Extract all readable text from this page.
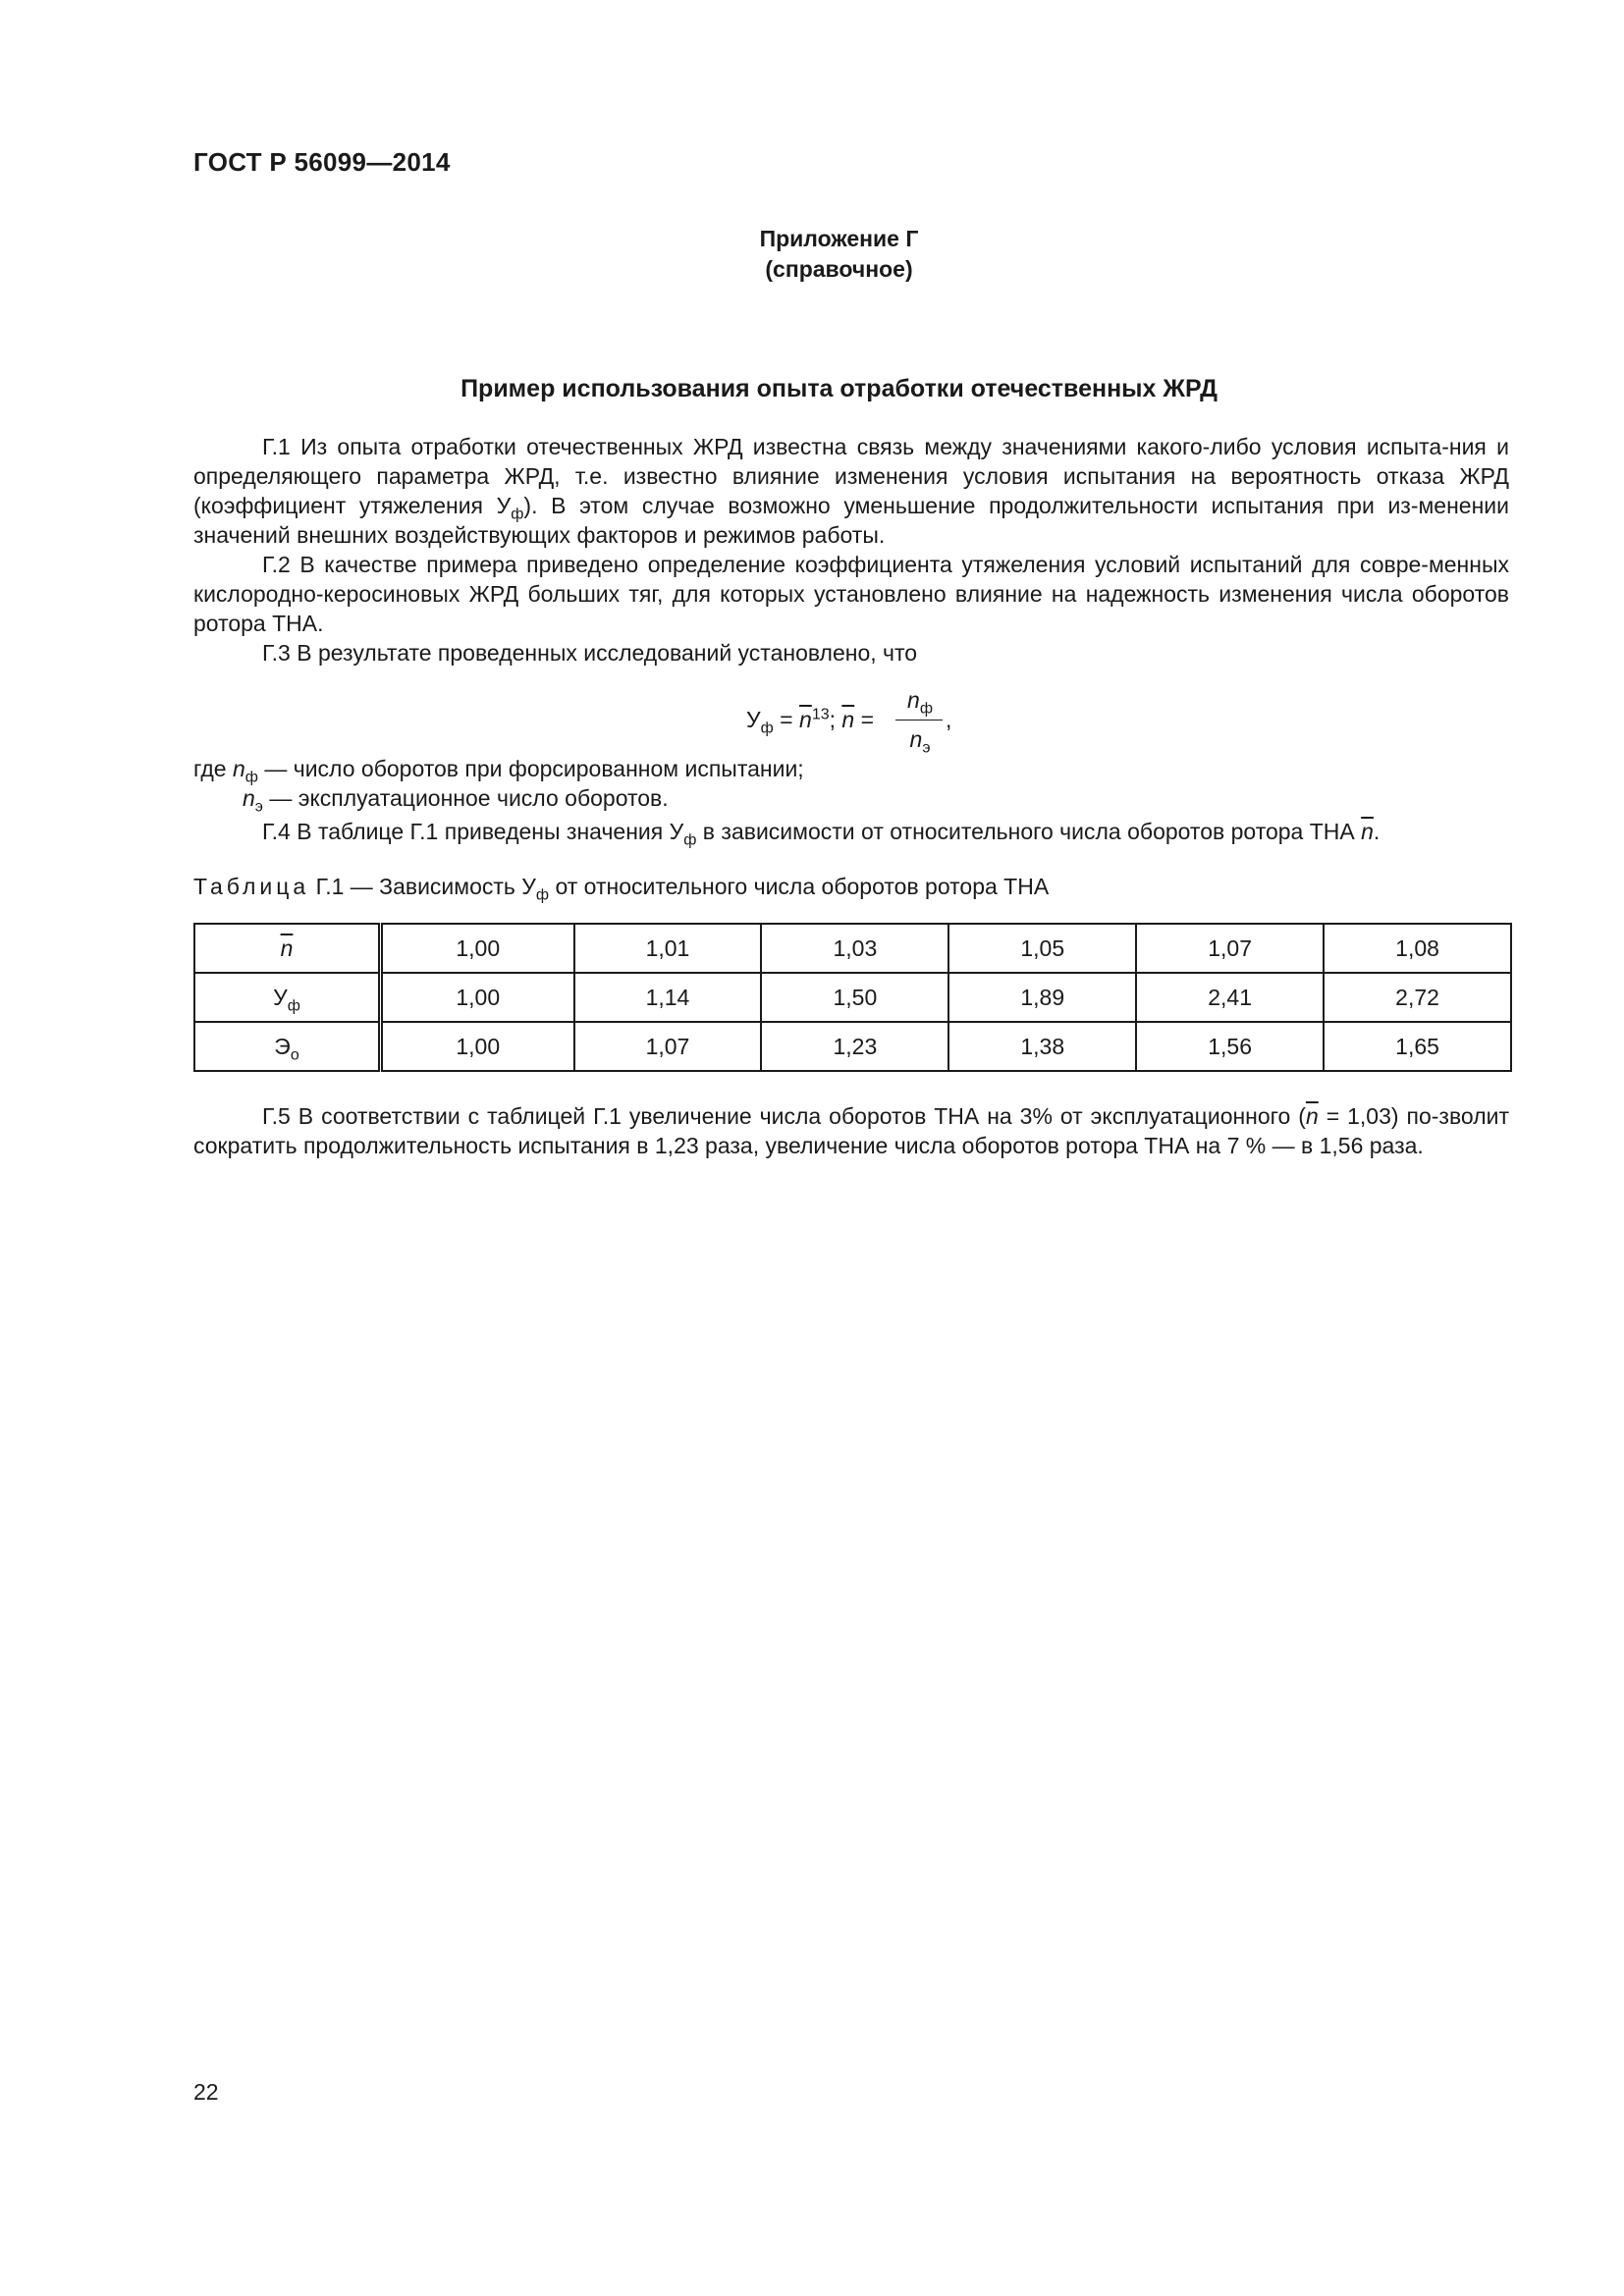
ГОСТ Р 56099—2014
Приложение Г
(справочное)
Пример использования опыта отработки отечественных ЖРД

Г.1 Из опыта отработки отечественных ЖРД известна связь между значениями какого-либо условия испыта-ния и определяющего параметра ЖРД, т.е. известно влияние изменения условия испытания на вероятность отказа ЖРД (коэффициент утяжеления $У_ф$). В этом случае возможно уменьшение продолжительности испытания при из-менении значений внешних воздействующих факторов и режимов работы.

Г.2 В качестве примера приведено определение коэффициента утяжеления условий испытаний для совре-менных кислородно-керосиновых ЖРД больших тяг, для которых установлено влияние на надежность изменения числа оборотов ротора ТНА.

Г.3 В результате проведенных исследований установлено, что

$У_ф = \overline{n}^{13}$; $\overline{n}$ =
$n_ф$
$n_э$
,
где $n_ф$ — число оборотов при форсированном испытании;
$n_э$ — эксплуатационное число оборотов.
Г.4 В таблице Г.1 приведены значения $У_ф$ в зависимости от относительного числа оборотов ротора ТНА $\overline{n}$.
Таблица Г.1 — Зависимость $У_ф$ от относительного числа оборотов ротора ТНА
$\overline{n}$	1,00	1,01	1,03	1,05	1,07	1,08
$У_ф$	1,00	1,14	1,50	1,89	2,41	2,72
$Э_о$	1,00	1,07	1,23	1,38	1,56	1,65
Г.5 В соответствии с таблицей Г.1 увеличение числа оборотов ТНА на 3% от эксплуатационного $(\overline{n} = 1,03)$ по-зволит сократить продолжительность испытания в 1,23 раза, увеличение числа оборотов ротора ТНА на 7 % — в 1,56 раза.
22
